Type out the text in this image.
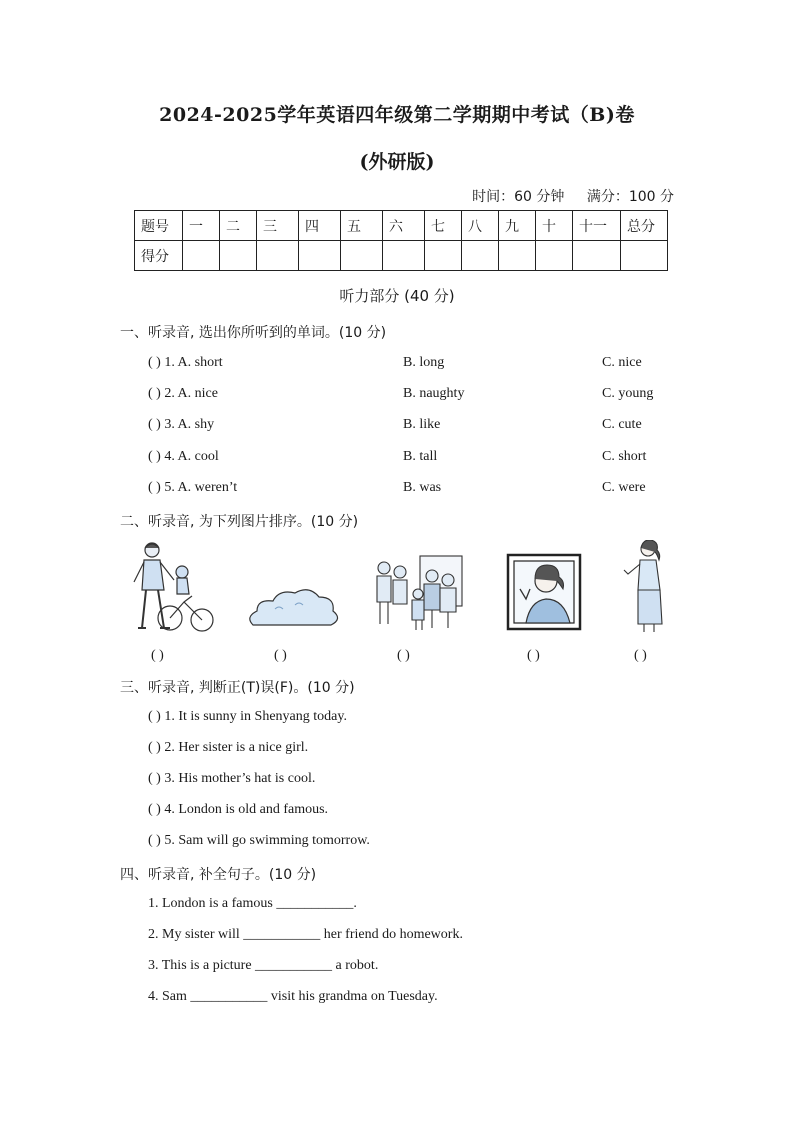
2024-2025学年英语四年级第二学期期中考试（B)卷
(外研版)
时间：60 分钟 满分：100 分
题号	一	二	三	四	五	六	七	八	九	十	十一	总分
得分												
听力部分 (40 分)
一、听录音, 选出你所听到的单词。(10 分)
( ) 1. A. short	B. long	C. nice
( ) 2. A. nice	B. naughty	C. young
( ) 3. A. shy	B. like	C. cute
( ) 4. A. cool	B. tall	C. short
( ) 5. A. weren’t	B. was	C. were
二、听录音, 为下列图片排序。(10 分)
( )	( )	( )	( )	( )
三、听录音, 判断正(T)误(F)。(10 分)
( ) 1. It is sunny in Shenyang today.
( ) 2. Her sister is a nice girl.
( ) 3. His mother’s hat is cool.
( ) 4. London is old and famous.
( ) 5. Sam will go swimming tomorrow.
四、听录音, 补全句子。(10 分)
1. London is a famous ___________.
2. My sister will ___________ her friend do homework.
3. This is a picture ___________ a robot.
4. Sam ___________ visit his grandma on Tuesday.
